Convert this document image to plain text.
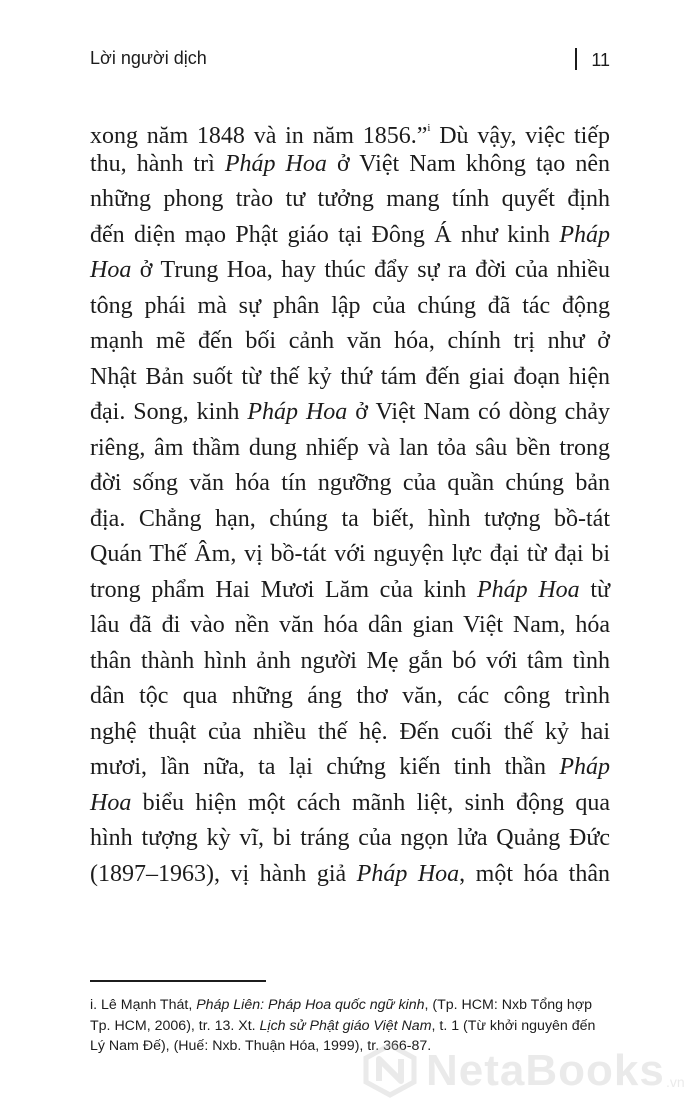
Lời người dịch	11
xong năm 1848 và in năm 1856.”$^i$ Dù vậy, việc tiếp
thu, hành trì Pháp Hoa ở Việt Nam không tạo nên
những phong trào tư tưởng mang tính quyết định
đến diện mạo Phật giáo tại Đông Á như kinh Pháp
Hoa ở Trung Hoa, hay thúc đẩy sự ra đời của nhiều
tông phái mà sự phân lập của chúng đã tác động
mạnh mẽ đến bối cảnh văn hóa, chính trị như ở
Nhật Bản suốt từ thế kỷ thứ tám đến giai đoạn hiện
đại. Song, kinh Pháp Hoa ở Việt Nam có dòng chảy
riêng, âm thầm dung nhiếp và lan tỏa sâu bền trong
đời sống văn hóa tín ngưỡng của quần chúng bản
địa. Chẳng hạn, chúng ta biết, hình tượng bồ-tát
Quán Thế Âm, vị bồ-tát với nguyện lực đại từ đại bi
trong phẩm Hai Mươi Lăm của kinh Pháp Hoa từ
lâu đã đi vào nền văn hóa dân gian Việt Nam, hóa
thân thành hình ảnh người Mẹ gắn bó với tâm tình
dân tộc qua những áng thơ văn, các công trình
nghệ thuật của nhiều thế hệ. Đến cuối thế kỷ hai
mươi, lần nữa, ta lại chứng kiến tinh thần Pháp
Hoa biểu hiện một cách mãnh liệt, sinh động qua
hình tượng kỳ vĩ, bi tráng của ngọn lửa Quảng Đức
(1897–1963), vị hành giả Pháp Hoa, một hóa thân
i. Lê Mạnh Thát, Pháp Liên: Pháp Hoa quốc ngữ kinh, (Tp. HCM: Nxb Tổng hợp
Tp. HCM, 2006), tr. 13. Xt. Lịch sử Phật giáo Việt Nam, t. 1 (Từ khởi nguyên đến
Lý Nam Đế), (Huế: Nxb. Thuận Hóa, 1999), tr. 366-87.
NetaBooks .vn
